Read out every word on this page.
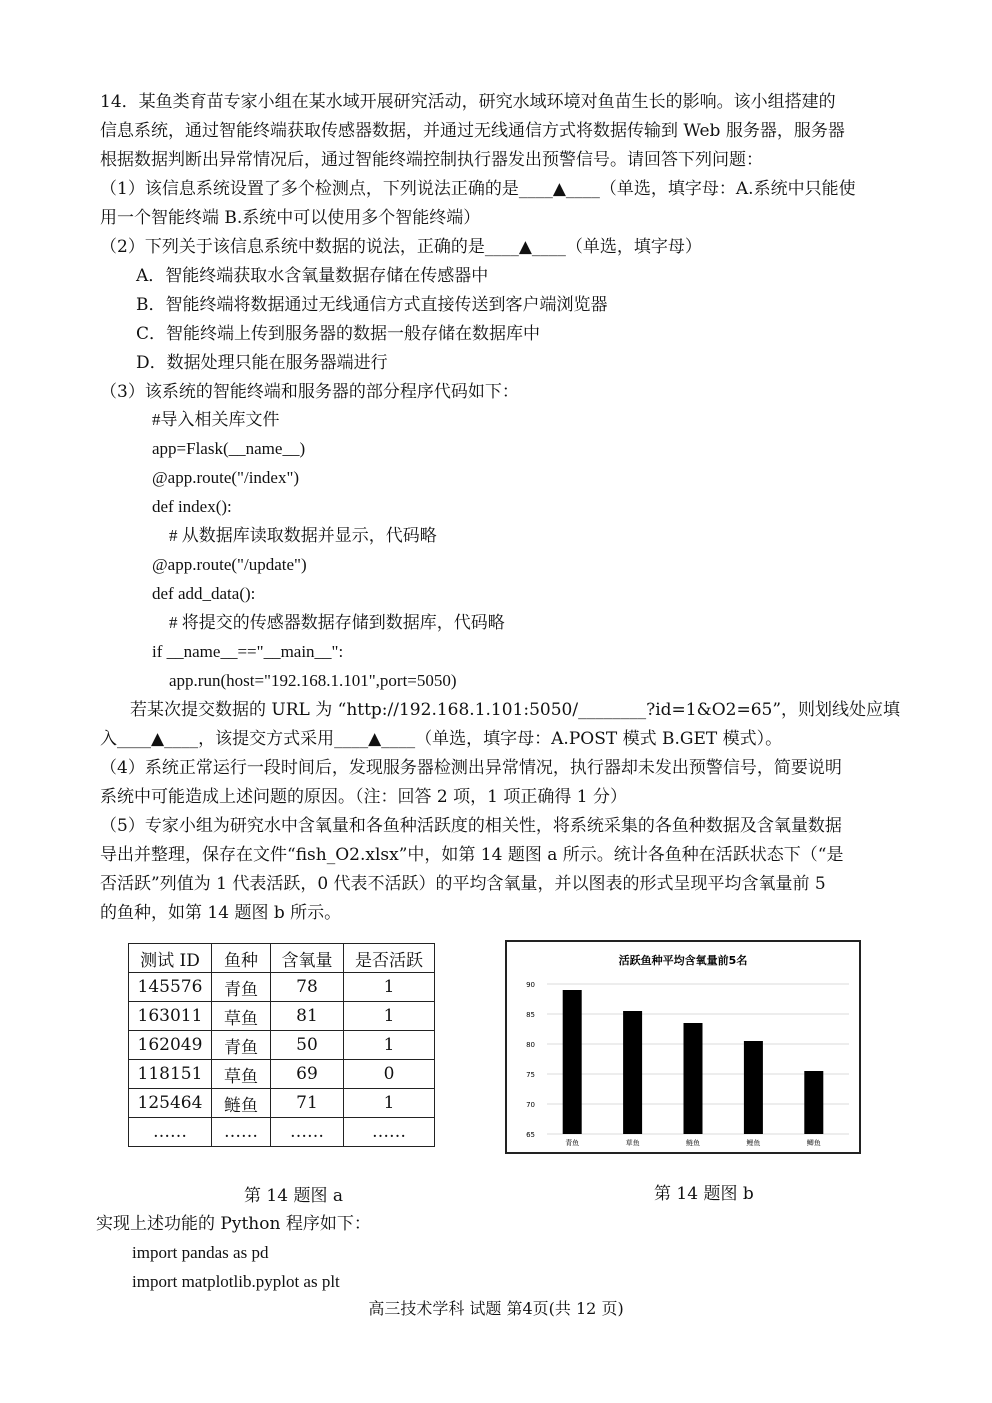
14．某鱼类育苗专家小组在某水域开展研究活动，研究水域环境对鱼苗生长的影响。该小组搭建的
信息系统，通过智能终端获取传感器数据，并通过无线通信方式将数据传输到 Web 服务器，服务器
根据数据判断出异常情况后，通过智能终端控制执行器发出预警信号。请回答下列问题：
（1）该信息系统设置了多个检测点，下列说法正确的是____▲____（单选，填字母：A.系统中只能使
用一个智能终端 B.系统中可以使用多个智能终端）
（2）下列关于该信息系统中数据的说法，正确的是____▲____（单选，填字母）
A．智能终端获取水含氧量数据存储在传感器中
B．智能终端将数据通过无线通信方式直接传送到客户端浏览器
C．智能终端上传到服务器的数据一般存储在数据库中
D．数据处理只能在服务器端进行
（3）该系统的智能终端和服务器的部分程序代码如下：
#导入相关库文件
app=Flask(__name__)
@app.route("/index")
def index():
# 从数据库读取数据并显示，代码略
@app.route("/update")
def add_data():
# 将提交的传感器数据存储到数据库，代码略
if __name__=="__main__":
app.run(host="192.168.1.101",port=5050)
若某次提交数据的 URL 为 “http://192.168.1.101:5050/________?id=1&O2=65”，则划线处应填
入____▲____，该提交方式采用____▲____（单选，填字母：A.POST 模式 B.GET 模式）。
（4）系统正常运行一段时间后，发现服务器检测出异常情况，执行器却未发出预警信号，简要说明
系统中可能造成上述问题的原因。（注：回答 2 项，1 项正确得 1 分）
（5）专家小组为研究水中含氧量和各鱼种活跃度的相关性，将系统采集的各鱼种数据及含氧量数据
导出并整理，保存在文件“fish_O2.xlsx”中，如第 14 题图 a 所示。统计各鱼种在活跃状态下（“是
否活跃”列值为 1 代表活跃，0 代表不活跃）的平均含氧量，并以图表的形式呈现平均含氧量前 5
的鱼种，如第 14 题图 b 所示。
测试 ID	鱼种	含氧量	是否活跃
145576	青鱼	78	1
163011	草鱼	81	1
162049	青鱼	50	1
118151	草鱼	69	0
125464	鲢鱼	71	1
……	……	……	……
活跃鱼种平均含氧量前5名
65
70
75
80
85
90
青鱼	草鱼	鲢鱼	鲤鱼	鲫鱼
第 14 题图 a	第 14 题图 b
实现上述功能的 Python 程序如下：
import pandas as pd
import matplotlib.pyplot as plt
高三技术学科 试题 第4页(共 12 页)
